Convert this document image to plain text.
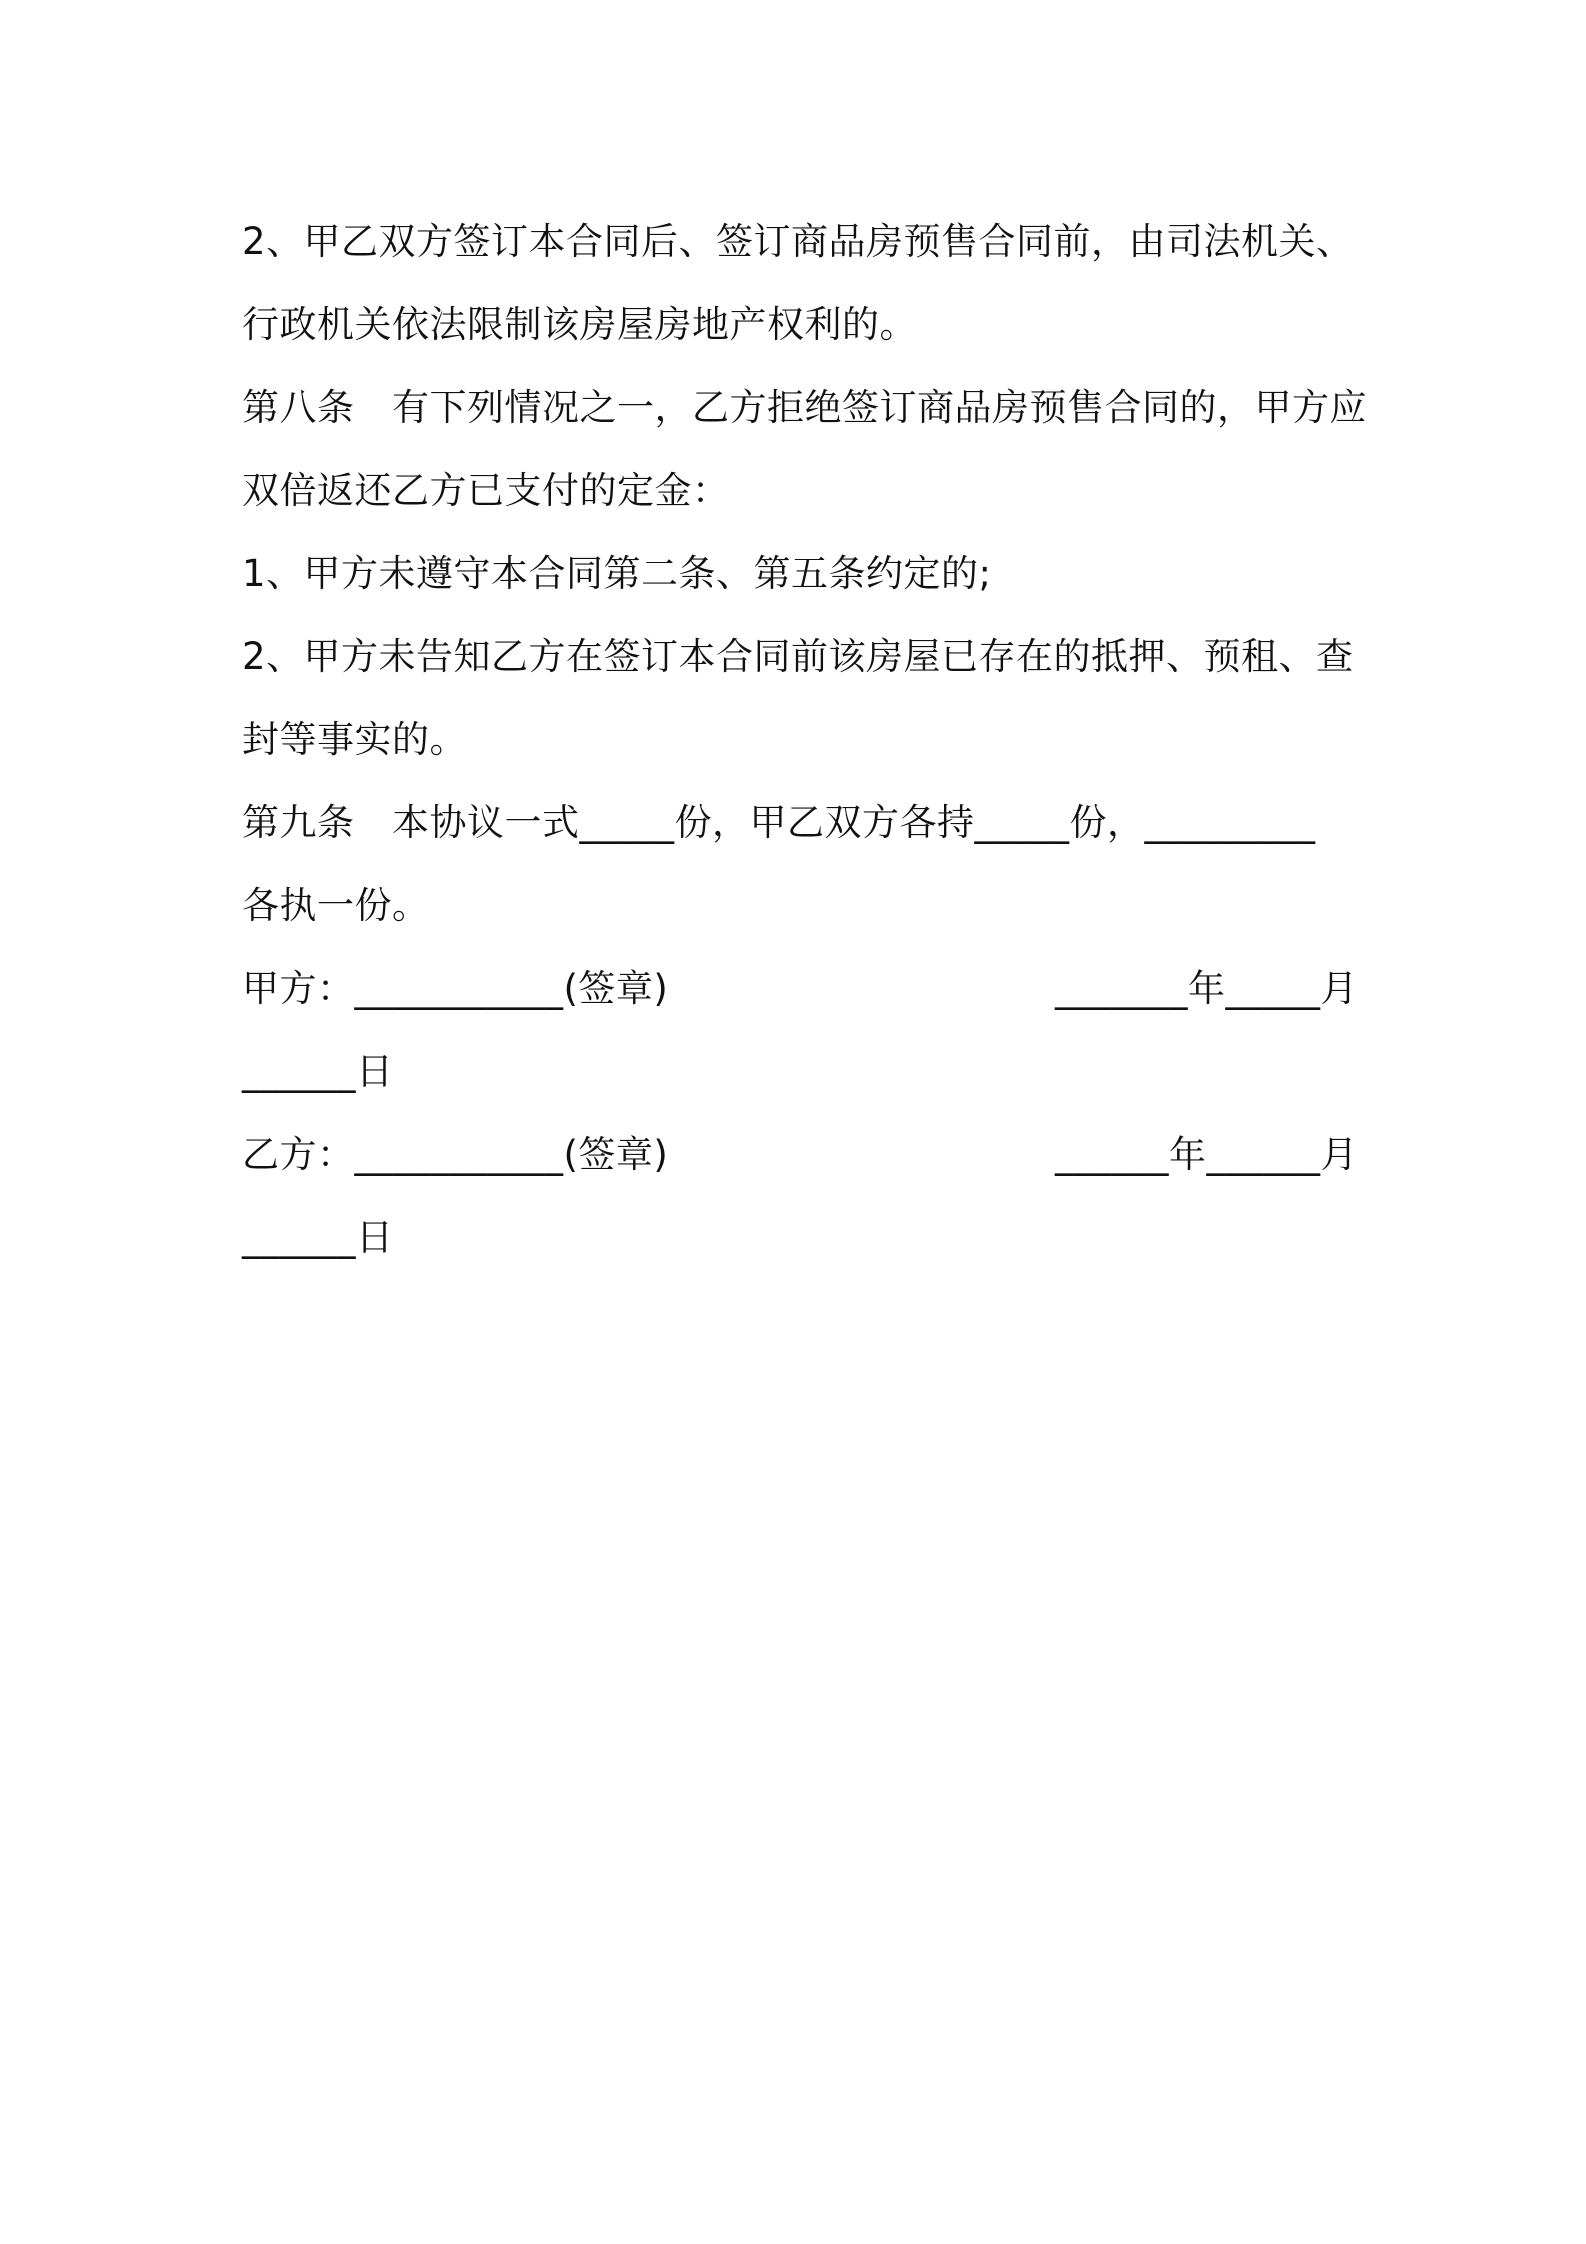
2、甲乙双方签订本合同后、签订商品房预售合同前，由司法机关、

行政机关依法限制该房屋房地产权利的。

第八条　有下列情况之一，乙方拒绝签订商品房预售合同的，甲方应

双倍返还乙方已支付的定金：

1、甲方未遵守本合同第二条、第五条约定的;

2、甲方未告知乙方在签订本合同前该房屋已存在的抵押、预租、查

封等事实的。

第九条　本协议一式_____份，甲乙双方各持_____份，_________

各执一份。

甲方：___________(签章)	_______年_____月

______日

乙方：___________(签章)	______年______月

______日
